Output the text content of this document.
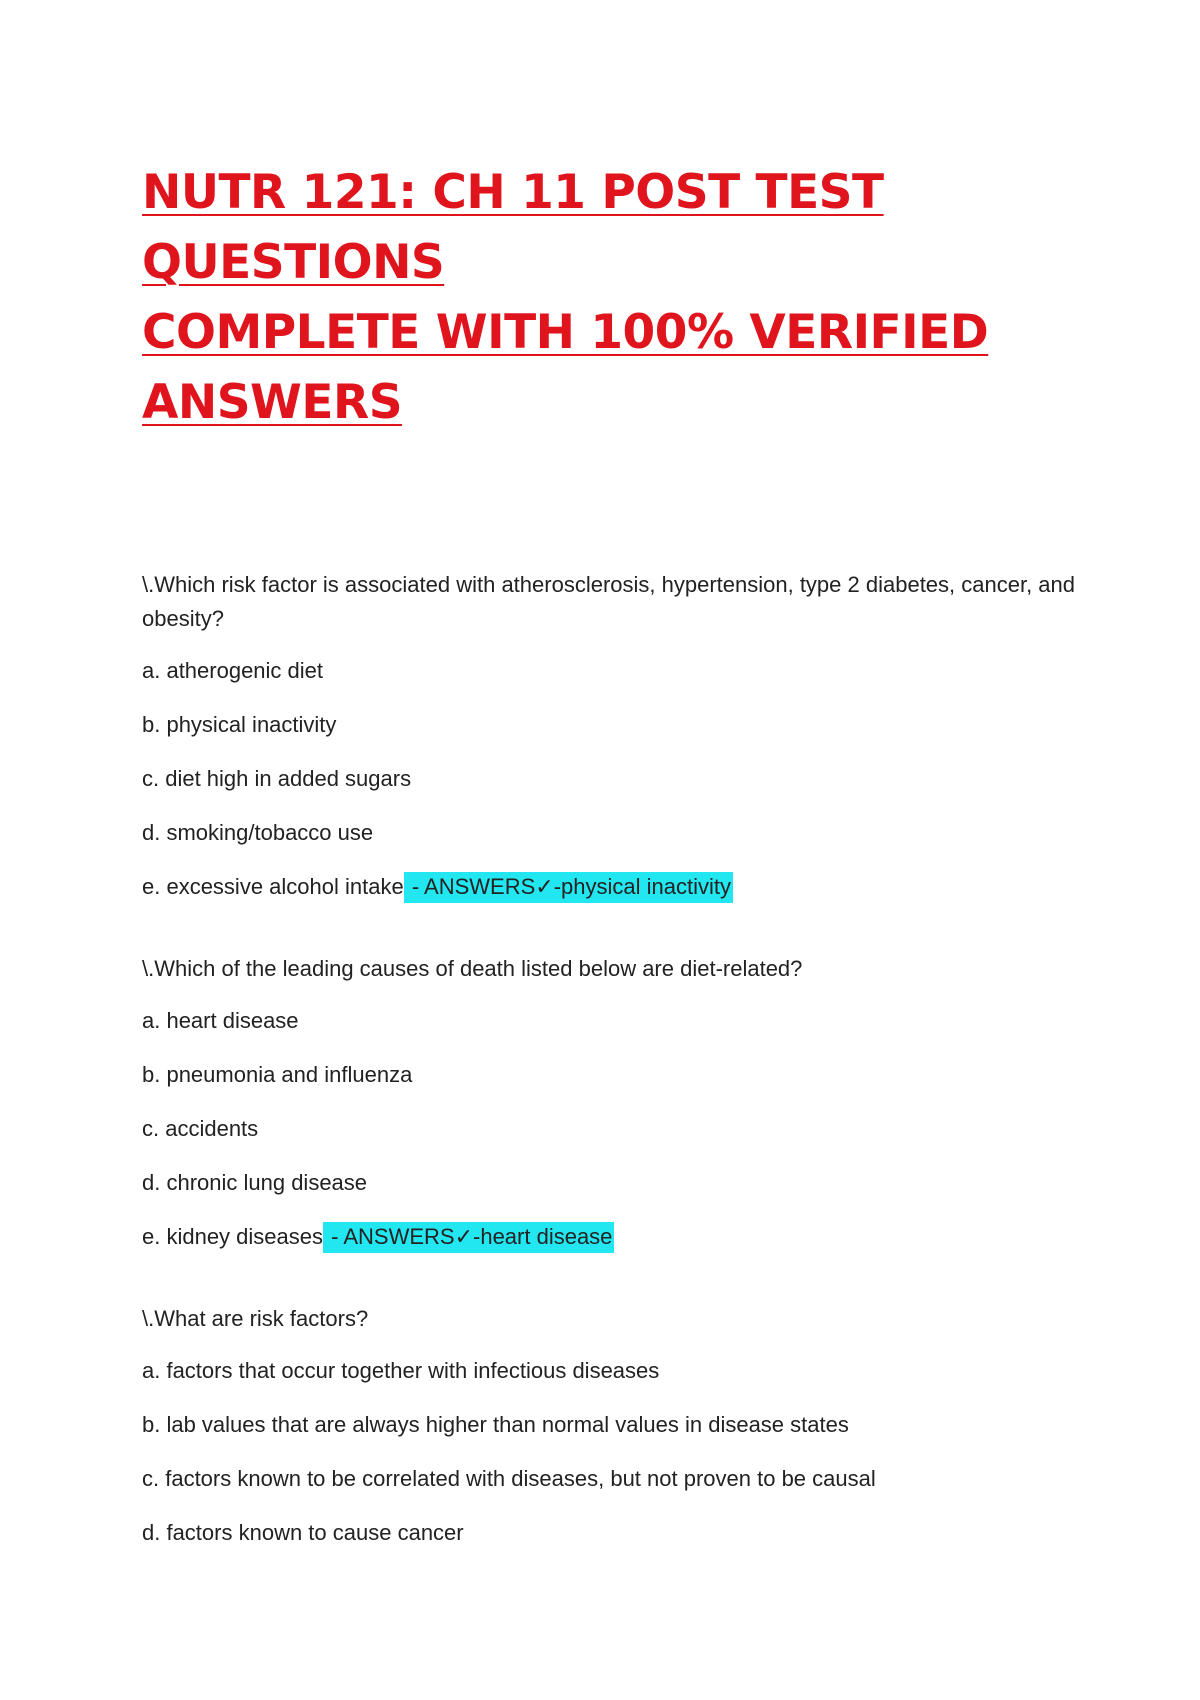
NUTR 121: CH 11 POST TEST QUESTIONS
COMPLETE WITH 100% VERIFIED
ANSWERS

\.Which risk factor is associated with atherosclerosis, hypertension, type 2 diabetes, cancer, and
obesity?

a. atherogenic diet

b. physical inactivity

c. diet high in added sugars

d. smoking/tobacco use

e. excessive alcohol intake - ANSWERS✓-physical inactivity

\.Which of the leading causes of death listed below are diet-related?

a. heart disease

b. pneumonia and influenza

c. accidents

d. chronic lung disease

e. kidney diseases - ANSWERS✓-heart disease

\.What are risk factors?

a. factors that occur together with infectious diseases

b. lab values that are always higher than normal values in disease states

c. factors known to be correlated with diseases, but not proven to be causal

d. factors known to cause cancer
